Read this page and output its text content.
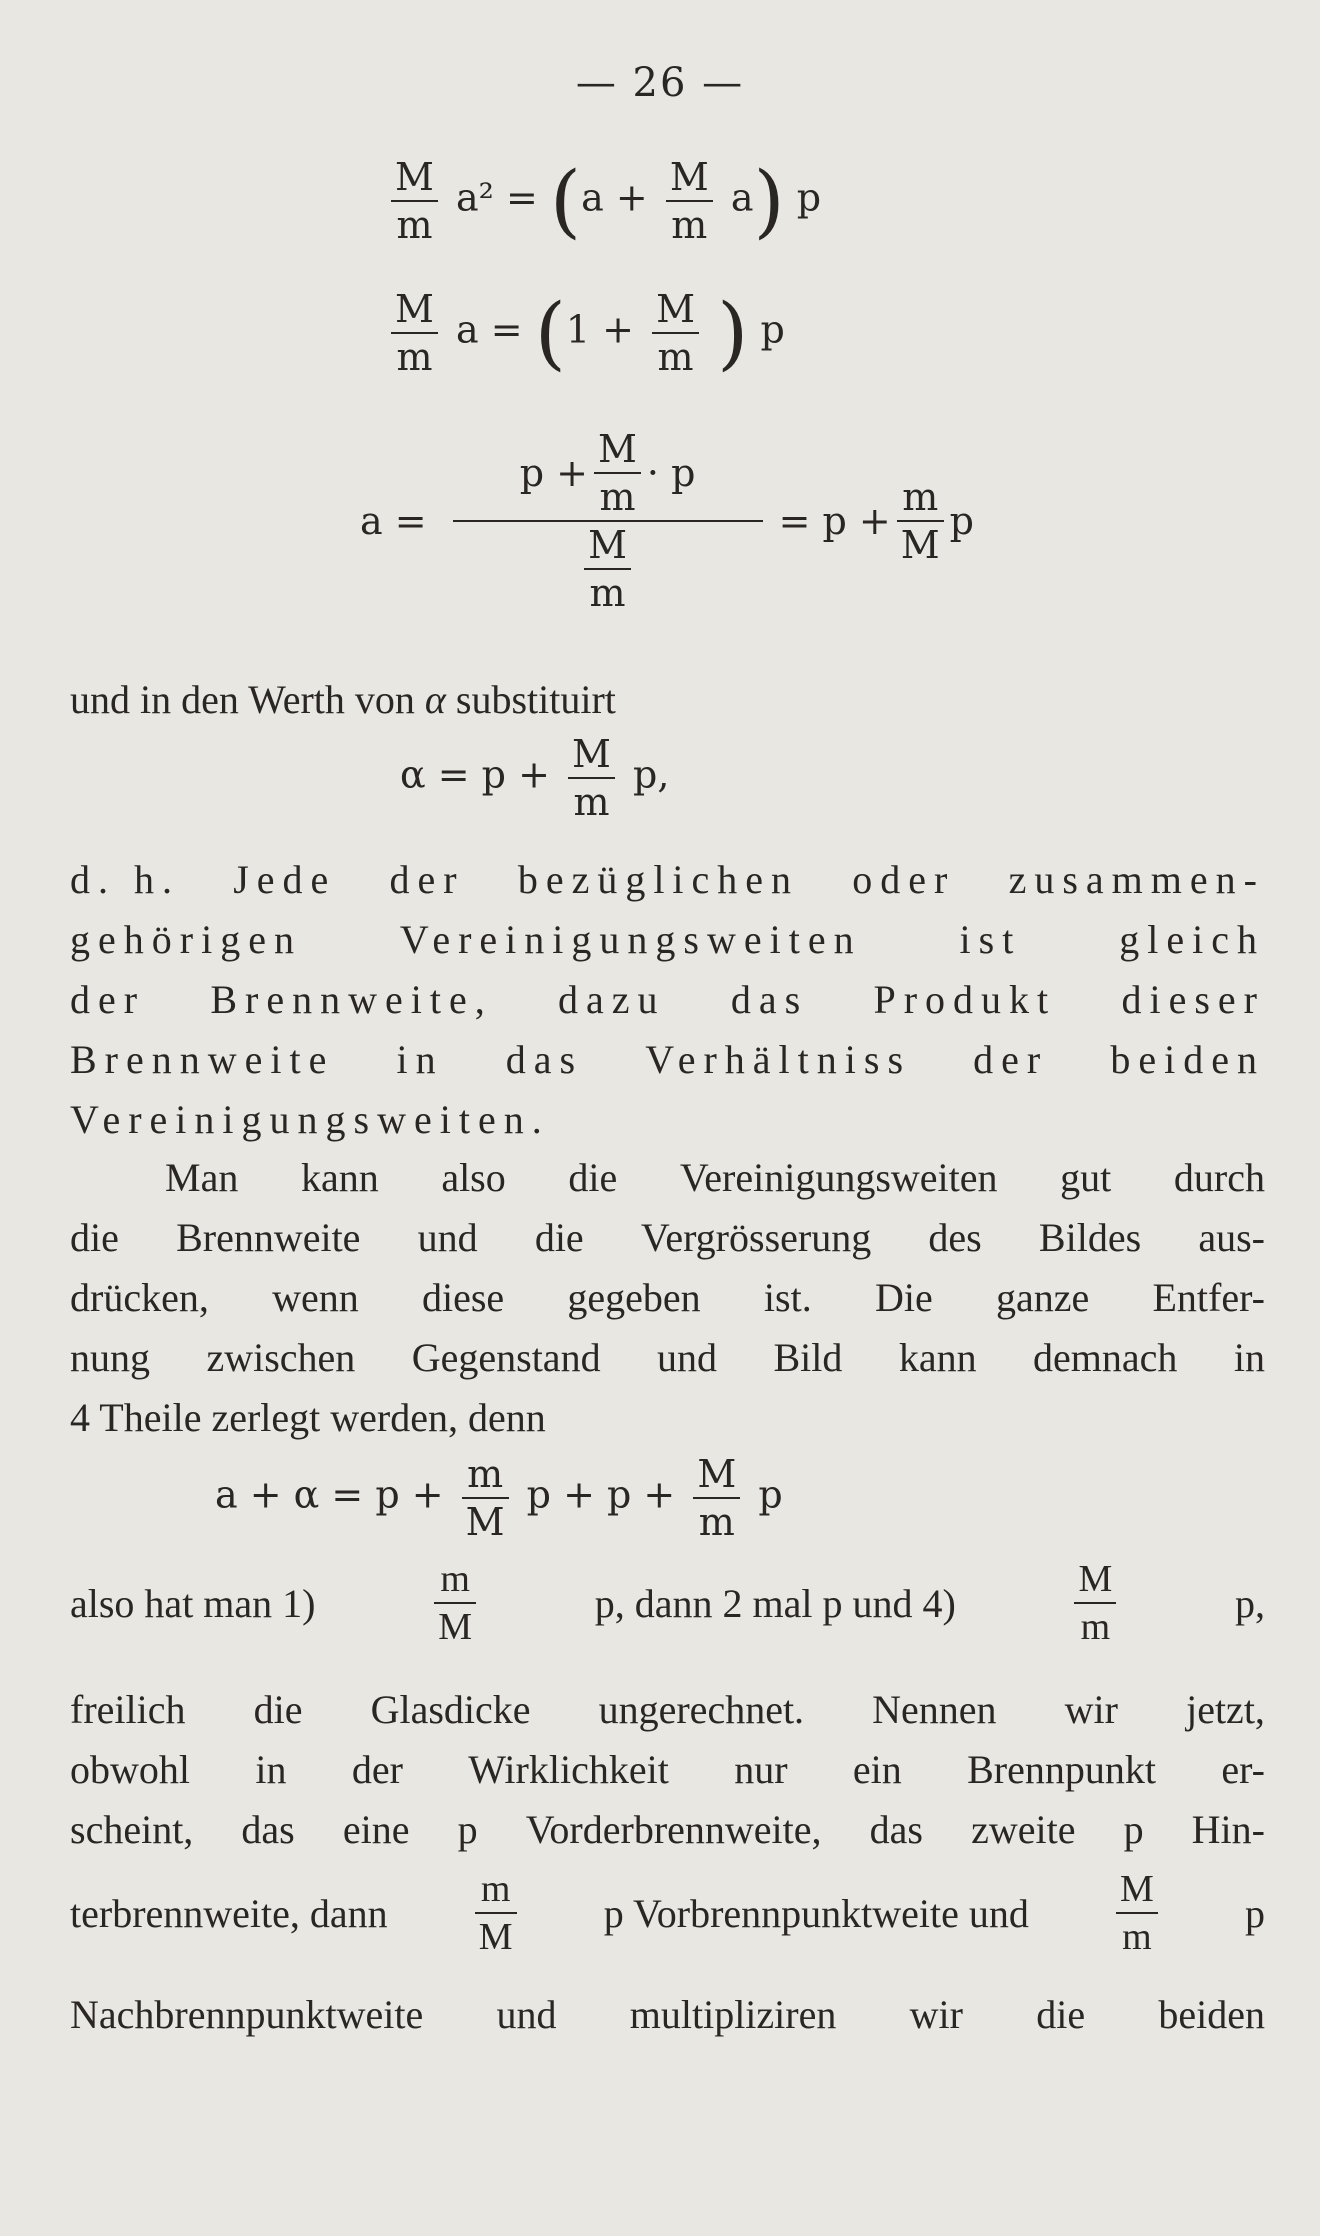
— 26 —
$\frac{M}{m} a^2 = (a + \frac{M}{m} a)$ p
$\frac{M}{m}$ $a = (1 + \frac{M}{m}$ ) p
$a = \frac{p + \frac{M}{m} \cdot p}{\frac{M}{m}} = p + \frac{m}{M}$ p
und in den Werth von
α
substituirt
$\alpha = p + \frac{M}{m} p$,
d. h. Jede der bezüglichen oder zusammen-
gehörigen Vereinigungsweiten ist gleich
der Brennweite, dazu das Produkt dieser
Brennweite in das Verhältniss der beiden
Vereinigungsweiten.
Man kann also die Vereinigungsweiten gut durch
die Brennweite und die Vergrösserung des Bildes aus-
drücken, wenn diese gegeben ist. Die ganze Entfer-
nung zwischen Gegenstand und Bild kann demnach in
4 Theile zerlegt werden, denn
$a + \alpha = p + \frac{m}{M}$ $p + p + \frac{M}{m}$ p
also hat man 1)	$\frac{m}{M}$	p, dann 2 mal p und 4)	$\frac{M}{m}$	p,
freilich die Glasdicke ungerechnet. Nennen wir jetzt,
obwohl in der Wirklichkeit nur ein Brennpunkt er-
scheint, das eine p Vorderbrennweite, das zweite p Hin-
terbrennweite, dann $\frac{m}{M}$ p Vorbrennpunktweite und $\frac{M}{m}$ p
Nachbrennpunktweite und multipliziren wir die beiden
